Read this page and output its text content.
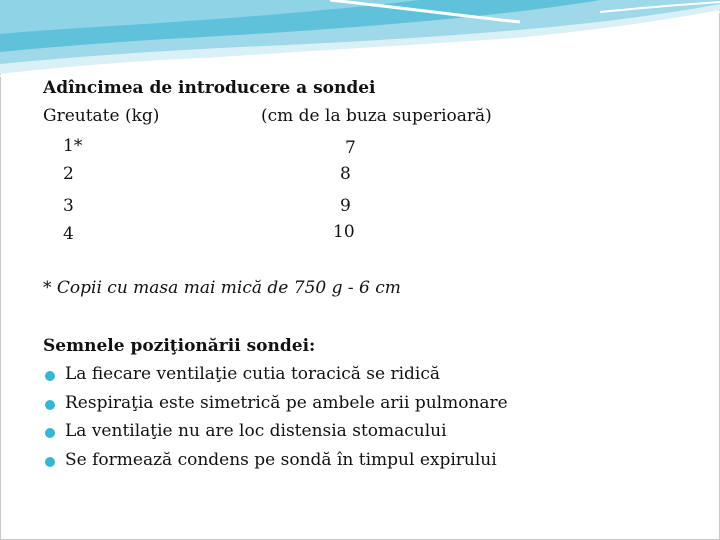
Adîncimea de introducere a sondei
Greutate (kg)	(cm de la buza superioară)
1*	7
2	8
3	9
4	10
* Copii cu masa mai mică de 750 g - 6 cm
Semnele poziţionării sondei:
La fiecare ventilaţie cutia toracică se ridică
Respiraţia este simetrică pe ambele arii pulmonare
La ventilaţie nu are loc distensia stomacului
Se formează condens pe sondă în timpul expirului
